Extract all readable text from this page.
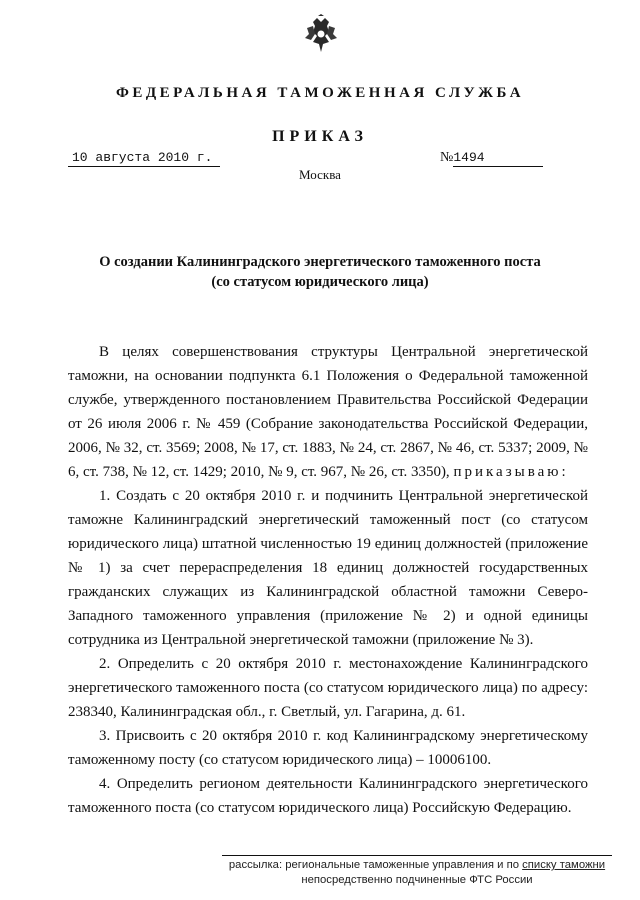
ФЕДЕРАЛЬНАЯ ТАМОЖЕННАЯ СЛУЖБА
ПРИКАЗ
10 августа 2010 г.	№1494
Москва
О создании Калининградского энергетического таможенного поста
(со статусом юридического лица)

В целях совершенствования структуры Центральной энергетической таможни, на основании подпункта 6.1 Положения о Федеральной таможенной службе, утвержденного постановлением Правительства Российской Федерации от 26 июля 2006 г. № 459 (Собрание законодательства Российской Федерации, 2006, № 32, ст. 3569; 2008, № 17, ст. 1883, № 24, ст. 2867, № 46, ст. 5337; 2009, № 6, ст. 738, № 12, ст. 1429; 2010, № 9, ст. 967, № 26, ст. 3350), приказываю:

1. Создать с 20 октября 2010 г. и подчинить Центральной энергетической таможне Калининградский энергетический таможенный пост (со статусом юридического лица) штатной численностью 19 единиц должностей (приложение № 1) за счет перераспределения 18 единиц должностей государственных гражданских служащих из Калининградской областной таможни Северо-Западного таможенного управления (приложение № 2) и одной единицы сотрудника из Центральной энергетической таможни (приложение № 3).

2. Определить с 20 октября 2010 г. местонахождение Калининградского энергетического таможенного поста (со статусом юридического лица) по адресу: 238340, Калининградская обл., г. Светлый, ул. Гагарина, д. 61.

3. Присвоить с 20 октября 2010 г. код Калининградскому энергетическому таможенному посту (со статусом юридического лица) – 10006100.

4. Определить регионом деятельности Калининградского энергетического таможенного поста (со статусом юридического лица) Российскую Федерацию.

рассылка: региональные таможенные управления и по списку таможни
непосредственно подчиненные ФТС России
